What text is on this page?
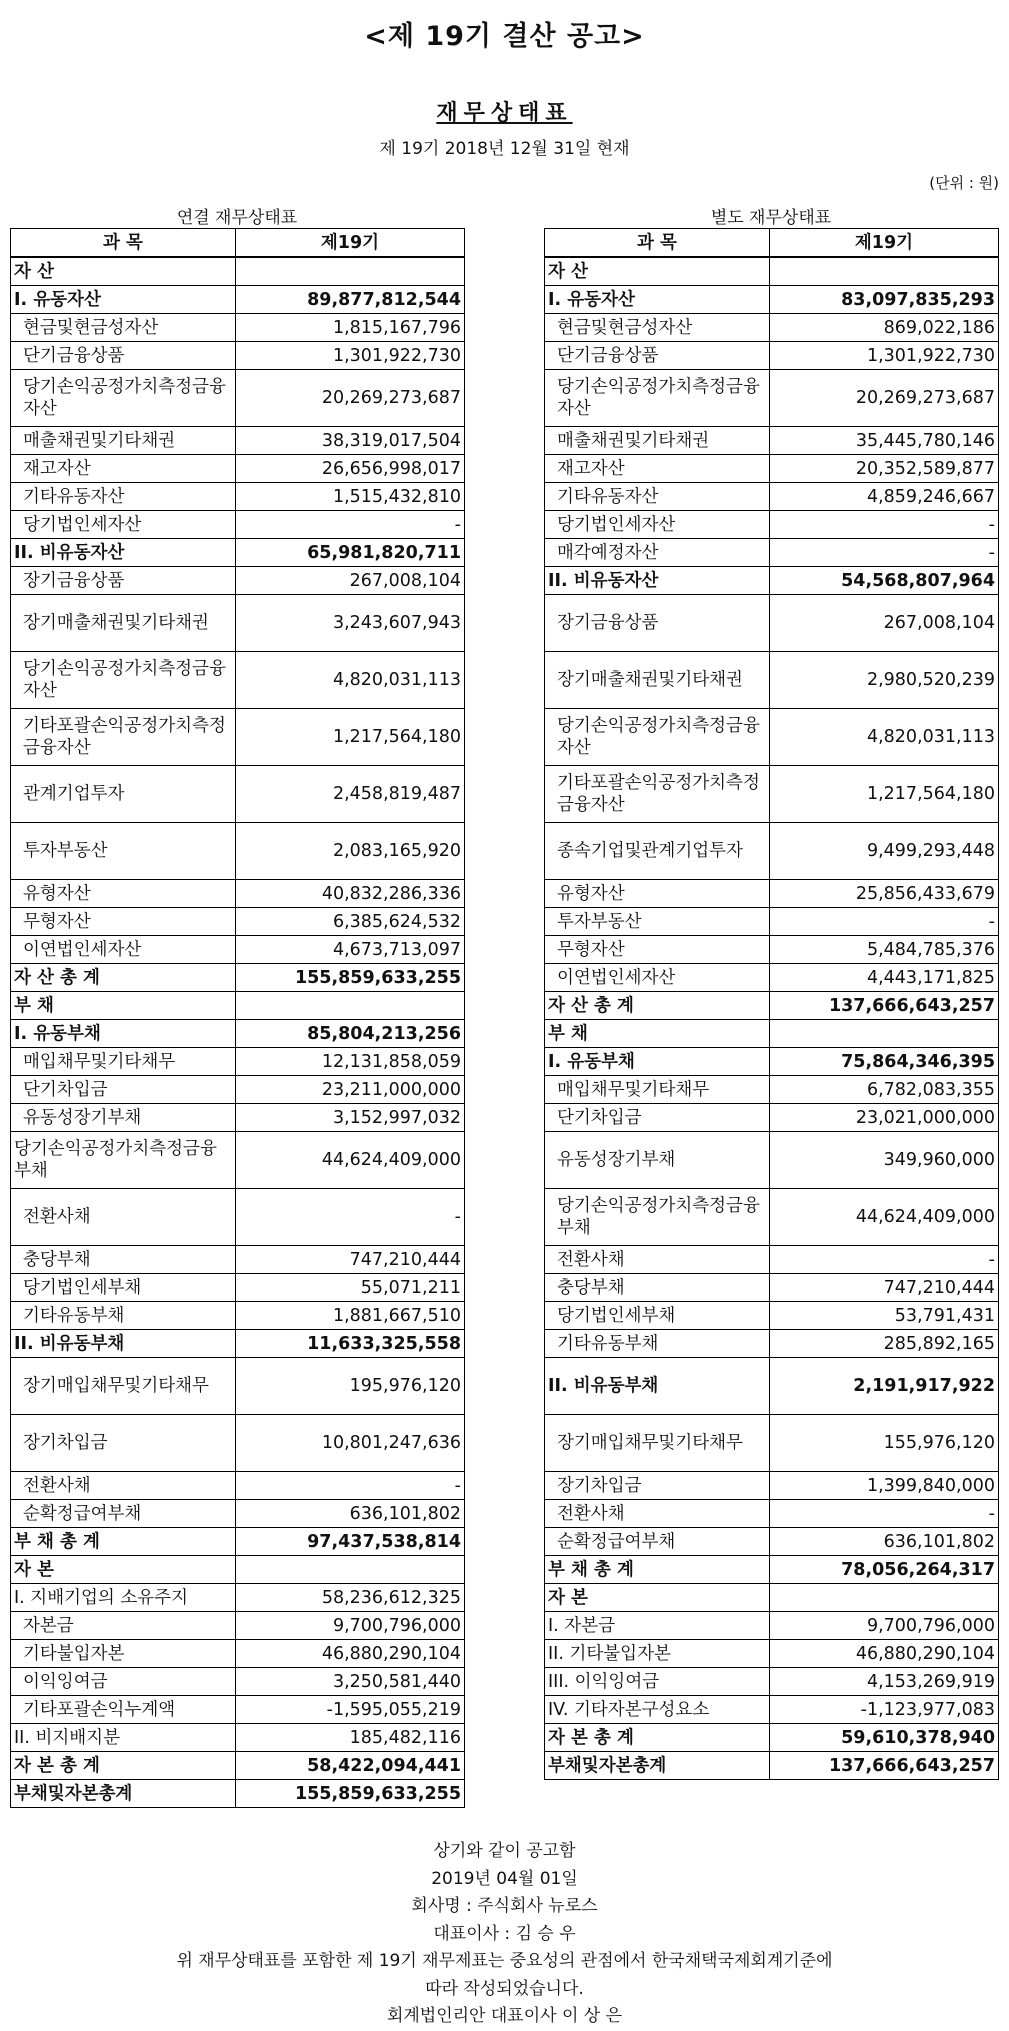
<제 19기 결산 공고>
재무상태표
제 19기 2018년 12월 31일 현재
(단위 : 원)
연결 재무상태표	별도 재무상태표
과 목	제19기
자 산	
I. 유동자산	89,877,812,544
현금및현금성자산	1,815,167,796
단기금융상품	1,301,922,730
당기손익공정가치측정금융자산	20,269,273,687
매출채권및기타채권	38,319,017,504
재고자산	26,656,998,017
기타유동자산	1,515,432,810
당기법인세자산	-
II. 비유동자산	65,981,820,711
장기금융상품	267,008,104
장기매출채권및기타채권	3,243,607,943
당기손익공정가치측정금융자산	4,820,031,113
기타포괄손익공정가치측정금융자산	1,217,564,180
관계기업투자	2,458,819,487
투자부동산	2,083,165,920
유형자산	40,832,286,336
무형자산	6,385,624,532
이연법인세자산	4,673,713,097
자 산 총 계	155,859,633,255
부 채	
I. 유동부채	85,804,213,256
매입채무및기타채무	12,131,858,059
단기차입금	23,211,000,000
유동성장기부채	3,152,997,032
당기손익공정가치측정금융부채	44,624,409,000
전환사채	-
충당부채	747,210,444
당기법인세부채	55,071,211
기타유동부채	1,881,667,510
II. 비유동부채	11,633,325,558
장기매입채무및기타채무	195,976,120
장기차입금	10,801,247,636
전환사채	-
순확정급여부채	636,101,802
부 채 총 계	97,437,538,814
자 본	
I. 지배기업의 소유주지	58,236,612,325
자본금	9,700,796,000
기타불입자본	46,880,290,104
이익잉여금	3,250,581,440
기타포괄손익누계액	-1,595,055,219
II. 비지배지분	185,482,116
자 본 총 계	58,422,094,441
부채및자본총계	155,859,633,255
과 목	제19기
자 산	
I. 유동자산	83,097,835,293
현금및현금성자산	869,022,186
단기금융상품	1,301,922,730
당기손익공정가치측정금융자산	20,269,273,687
매출채권및기타채권	35,445,780,146
재고자산	20,352,589,877
기타유동자산	4,859,246,667
당기법인세자산	-
매각예정자산	-
II. 비유동자산	54,568,807,964
장기금융상품	267,008,104
장기매출채권및기타채권	2,980,520,239
당기손익공정가치측정금융자산	4,820,031,113
기타포괄손익공정가치측정금융자산	1,217,564,180
종속기업및관계기업투자	9,499,293,448
유형자산	25,856,433,679
투자부동산	-
무형자산	5,484,785,376
이연법인세자산	4,443,171,825
자 산 총 계	137,666,643,257
부 채	
I. 유동부채	75,864,346,395
매입채무및기타채무	6,782,083,355
단기차입금	23,021,000,000
유동성장기부채	349,960,000
당기손익공정가치측정금융부채	44,624,409,000
전환사채	-
충당부채	747,210,444
당기법인세부채	53,791,431
기타유동부채	285,892,165
II. 비유동부채	2,191,917,922
장기매입채무및기타채무	155,976,120
장기차입금	1,399,840,000
전환사채	-
순확정급여부채	636,101,802
부 채 총 계	78,056,264,317
자 본	
I. 자본금	9,700,796,000
II. 기타불입자본	46,880,290,104
III. 이익잉여금	4,153,269,919
IV. 기타자본구성요소	-1,123,977,083
자 본 총 계	59,610,378,940
부채및자본총계	137,666,643,257
상기와 같이 공고함
2019년 04월 01일
회사명 : 주식회사 뉴로스
대표이사 : 김 승 우
위 재무상태표를 포함한 제 19기 재무제표는 중요성의 관점에서 한국채택국제회계기준에
따라 작성되었습니다.
회계법인리안 대표이사 이 상 은
